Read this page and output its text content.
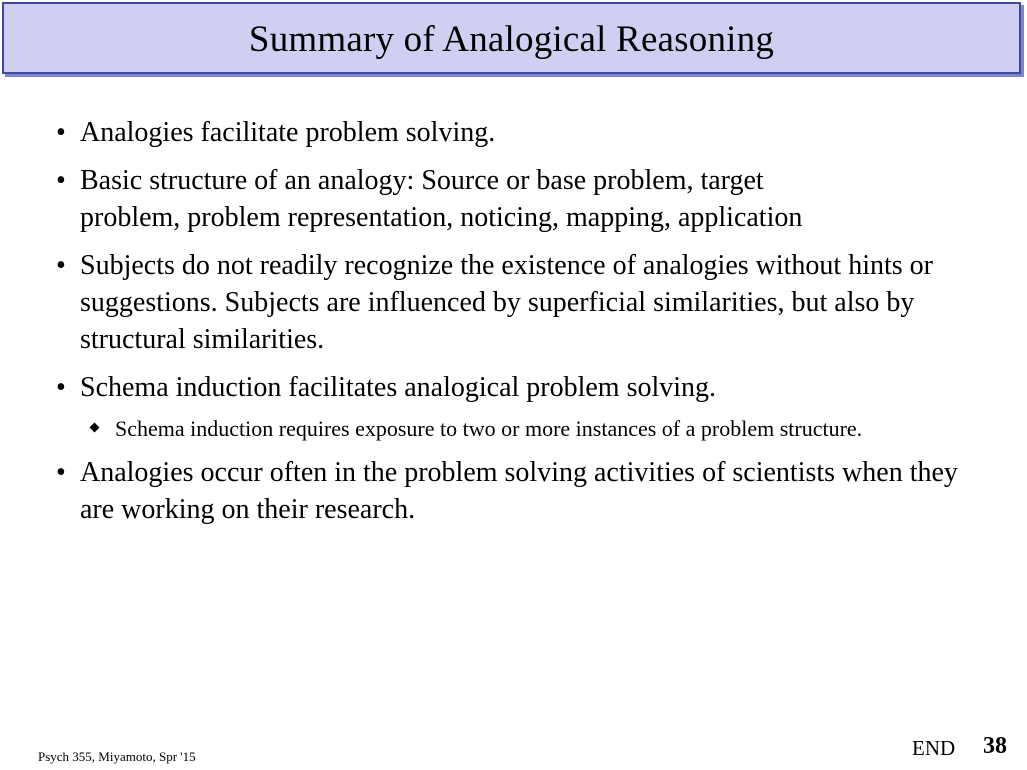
Summary of Analogical Reasoning
• Analogies facilitate problem solving.
• Basic structure of an analogy: Source or base problem, target problem, problem representation, noticing, mapping, application
• Subjects do not readily recognize the existence of analogies without hints or suggestions. Subjects are influenced by superficial similarities, but also by structural similarities.
• Schema induction facilitates analogical problem solving.
Schema induction requires exposure to two or more instances of a problem structure.
• Analogies occur often in the problem solving activities of scientists when they are working on their research.
Psych 355, Miyamoto, Spr '15	END 38
